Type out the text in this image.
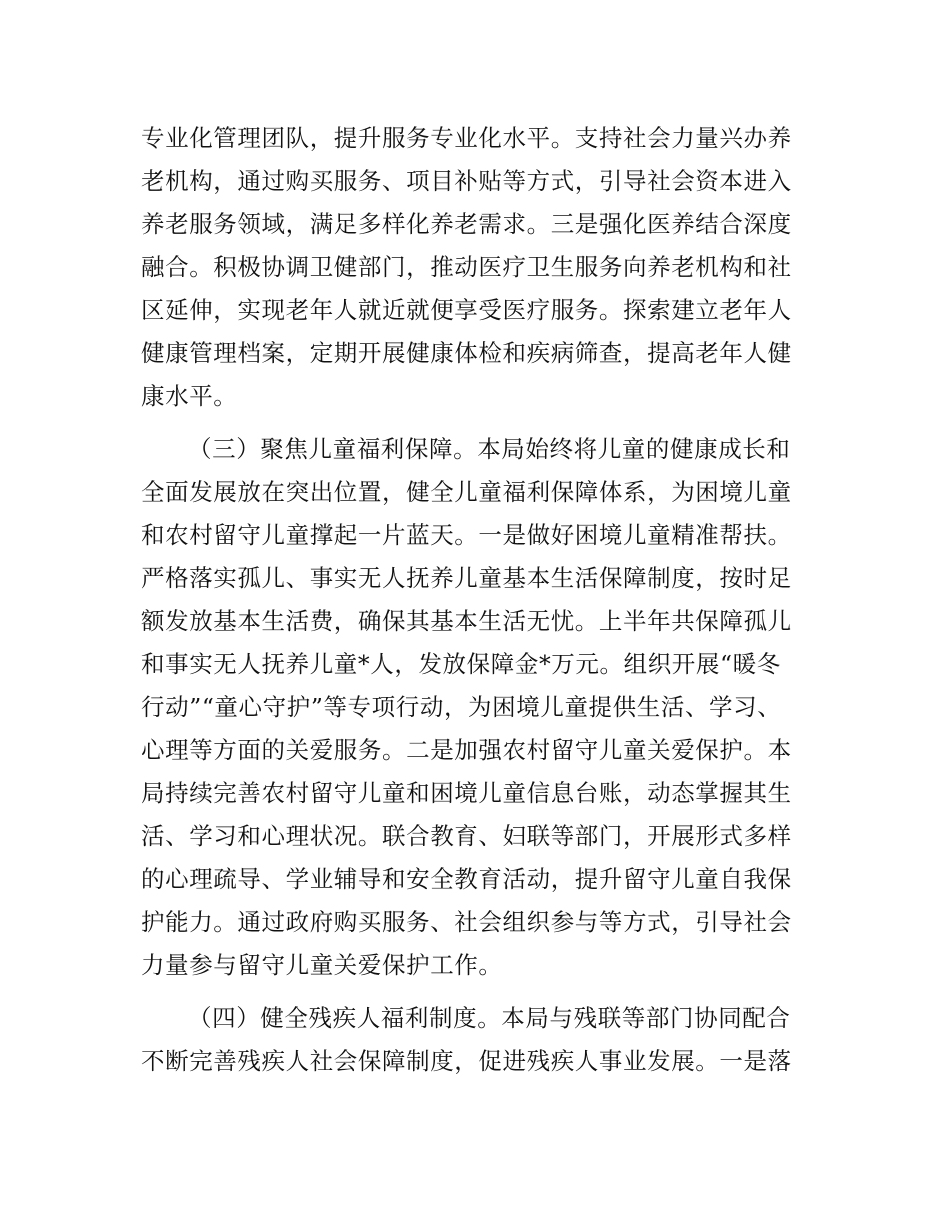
专业化管理团队，提升服务专业化水平。支持社会力量兴办养
老机构，通过购买服务、项目补贴等方式，引导社会资本进入
养老服务领域，满足多样化养老需求。三是强化医养结合深度
融合。积极协调卫健部门，推动医疗卫生服务向养老机构和社
区延伸，实现老年人就近就便享受医疗服务。探索建立老年人
健康管理档案，定期开展健康体检和疾病筛查，提高老年人健
康水平。
（三）聚焦儿童福利保障。本局始终将儿童的健康成长和
全面发展放在突出位置，健全儿童福利保障体系，为困境儿童
和农村留守儿童撑起一片蓝天。一是做好困境儿童精准帮扶。
严格落实孤儿、事实无人抚养儿童基本生活保障制度，按时足
额发放基本生活费，确保其基本生活无忧。上半年共保障孤儿
和事实无人抚养儿童*人，发放保障金*万元。组织开展“暖冬
行动”“童心守护”等专项行动，为困境儿童提供生活、学习、
心理等方面的关爱服务。二是加强农村留守儿童关爱保护。本
局持续完善农村留守儿童和困境儿童信息台账，动态掌握其生
活、学习和心理状况。联合教育、妇联等部门，开展形式多样
的心理疏导、学业辅导和安全教育活动，提升留守儿童自我保
护能力。通过政府购买服务、社会组织参与等方式，引导社会
力量参与留守儿童关爱保护工作。
（四）健全残疾人福利制度。本局与残联等部门协同配合
不断完善残疾人社会保障制度，促进残疾人事业发展。一是落
